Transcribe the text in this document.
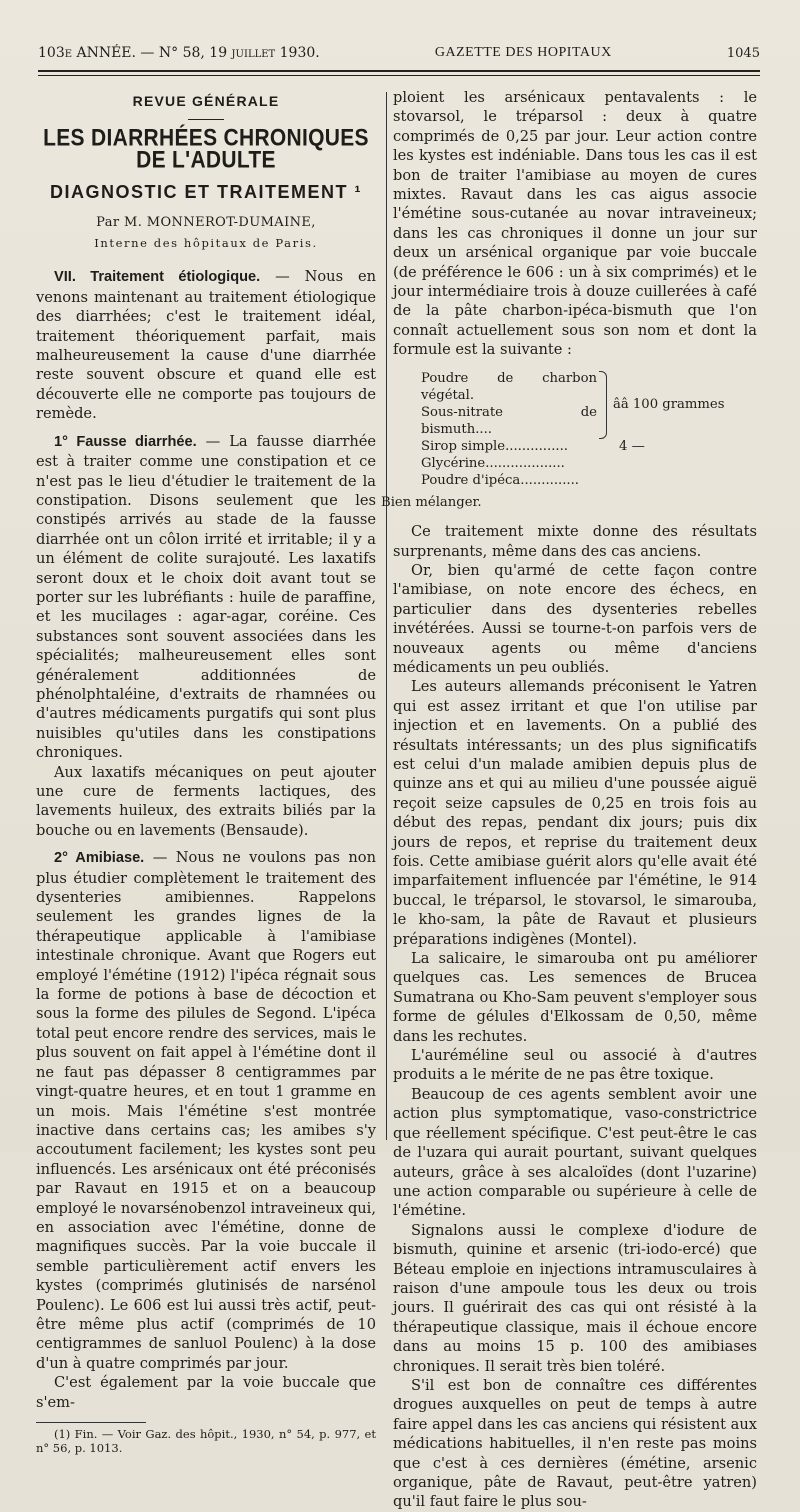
103e ANNÉE. — N° 58, 19 juillet 1930.	GAZETTE DES HOPITAUX	1045
REVUE GÉNÉRALE
LES DIARRHÉES CHRONIQUES DE L'ADULTE
DIAGNOSTIC ET TRAITEMENT ¹
Par M. MONNEROT-DUMAINE,
Interne des hôpitaux de Paris.

VII. Traitement étiologique. — Nous en venons maintenant au traitement étiologique des diarrhées; c'est le traitement idéal, traitement théoriquement parfait, mais malheureusement la cause d'une diarrhée reste souvent obscure et quand elle est découverte elle ne comporte pas toujours de remède.

1° Fausse diarrhée. — La fausse diarrhée est à traiter comme une constipation et ce n'est pas le lieu d'étudier le traitement de la constipation. Disons seulement que les constipés arrivés au stade de la fausse diarrhée ont un côlon irrité et irritable; il y a un élément de colite surajouté. Les laxatifs seront doux et le choix doit avant tout se porter sur les lubréfiants : huile de paraffine, et les mucilages : agar-agar, coréine. Ces substances sont souvent associées dans les spécialités; malheureusement elles sont généralement additionnées de phénolphtaléine, d'extraits de rhamnées ou d'autres médicaments purgatifs qui sont plus nuisibles qu'utiles dans les constipations chroniques.

Aux laxatifs mécaniques on peut ajouter une cure de ferments lactiques, des lavements huileux, des extraits biliés par la bouche ou en lavements (Bensaude).

2° Amibiase. — Nous ne voulons pas non plus étudier complètement le traitement des dysenteries amibiennes. Rappelons seulement les grandes lignes de la thérapeutique applicable à l'amibiase intestinale chronique. Avant que Rogers eut employé l'émétine (1912) l'ipéca régnait sous la forme de potions à base de décoction et sous la forme des pilules de Segond. L'ipéca total peut encore rendre des services, mais le plus souvent on fait appel à l'émétine dont il ne faut pas dépasser 8 centigrammes par vingt-quatre heures, et en tout 1 gramme en un mois. Mais l'émétine s'est montrée inactive dans certains cas; les amibes s'y accoutument facilement; les kystes sont peu influencés. Les arsénicaux ont été préconisés par Ravaut en 1915 et on a beaucoup employé le novarsénobenzol intraveineux qui, en association avec l'émétine, donne de magnifiques succès. Par la voie buccale il semble particulièrement actif envers les kystes (comprimés glutinisés de narsénol Poulenc). Le 606 est lui aussi très actif, peut-être même plus actif (comprimés de 10 centigrammes de sanluol Poulenc) à la dose d'un à quatre comprimés par jour.

C'est également par la voie buccale que s'em-

(1) Fin. — Voir Gaz. des hôpit., 1930, n° 54, p. 977, et n° 56, p. 1013.

ploient les arsénicaux pentavalents : le stovarsol, le tréparsol : deux à quatre comprimés de 0,25 par jour. Leur action contre les kystes est indéniable. Dans tous les cas il est bon de traiter l'amibiase au moyen de cures mixtes. Ravaut dans les cas aigus associe l'émétine sous-cutanée au novar intraveineux; dans les cas chroniques il donne un jour sur deux un arsénical organique par voie buccale (de préférence le 606 : un à six comprimés) et le jour intermédiaire trois à douze cuillerées à café de la pâte charbon-ipéca-bismuth que l'on connaît actuellement sous son nom et dont la formule est la suivante :

Poudre de charbon végétal.
Sous-nitrate de bismuth....
Sirop simple...............
Glycérine...................
Poudre d'ipéca..............
ââ 100 grammes
4 —
Bien mélanger.

Ce traitement mixte donne des résultats surprenants, même dans des cas anciens.

Or, bien qu'armé de cette façon contre l'amibiase, on note encore des échecs, en particulier dans des dysenteries rebelles invétérées. Aussi se tourne-t-on parfois vers de nouveaux agents ou même d'anciens médicaments un peu oubliés.

Les auteurs allemands préconisent le Yatren qui est assez irritant et que l'on utilise par injection et en lavements. On a publié des résultats intéressants; un des plus significatifs est celui d'un malade amibien depuis plus de quinze ans et qui au milieu d'une poussée aiguë reçoit seize capsules de 0,25 en trois fois au début des repas, pendant dix jours; puis dix jours de repos, et reprise du traitement deux fois. Cette amibiase guérit alors qu'elle avait été imparfaitement influencée par l'émétine, le 914 buccal, le tréparsol, le stovarsol, le simarouba, le kho-sam, la pâte de Ravaut et plusieurs préparations indigènes (Montel).

La salicaire, le simarouba ont pu améliorer quelques cas. Les semences de Brucea Sumatrana ou Kho-Sam peuvent s'employer sous forme de gélules d'Elkossam de 0,50, même dans les rechutes.

L'auréméline seul ou associé à d'autres produits a le mérite de ne pas être toxique.

Beaucoup de ces agents semblent avoir une action plus symptomatique, vaso-constrictrice que réellement spécifique. C'est peut-être le cas de l'uzara qui aurait pourtant, suivant quelques auteurs, grâce à ses alcaloïdes (dont l'uzarine) une action comparable ou supérieure à celle de l'émétine.

Signalons aussi le complexe d'iodure de bismuth, quinine et arsenic (tri-iodo-ercé) que Béteau emploie en injections intramusculaires à raison d'une ampoule tous les deux ou trois jours. Il guérirait des cas qui ont résisté à la thérapeutique classique, mais il échoue encore dans au moins 15 p. 100 des amibiases chroniques. Il serait très bien toléré.

S'il est bon de connaître ces différentes drogues auxquelles on peut de temps à autre faire appel dans les cas anciens qui résistent aux médications habituelles, il n'en reste pas moins que c'est à ces dernières (émétine, arsenic organique, pâte de Ravaut, peut-être yatren) qu'il faut faire le plus sou-
